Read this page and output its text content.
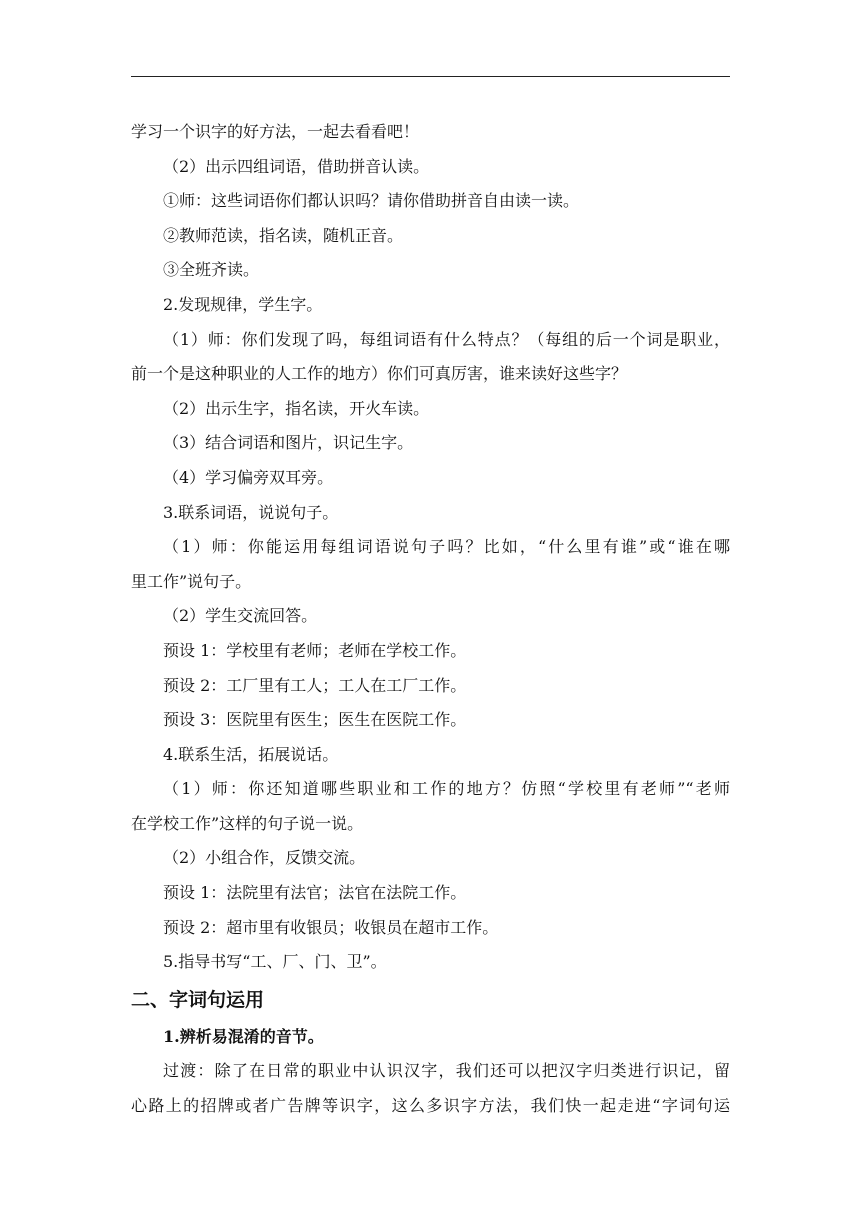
学习一个识字的好方法，一起去看看吧！
（2）出示四组词语，借助拼音认读。
①师：这些词语你们都认识吗？请你借助拼音自由读一读。
②教师范读，指名读，随机正音。
③全班齐读。
2.发现规律，学生字。
（1）师：你们发现了吗，每组词语有什么特点？（每组的后一个词是职业，
前一个是这种职业的人工作的地方）你们可真厉害，谁来读好这些字？
（2）出示生字，指名读，开火车读。
（3）结合词语和图片，识记生字。
（4）学习偏旁双耳旁。
3.联系词语，说说句子。
（1）师：你能运用每组词语说句子吗？比如，“什么里有谁”或“谁在哪
里工作”说句子。
（2）学生交流回答。
预设 1：学校里有老师；老师在学校工作。
预设 2：工厂里有工人；工人在工厂工作。
预设 3：医院里有医生；医生在医院工作。
4.联系生活，拓展说话。
（1）师：你还知道哪些职业和工作的地方？仿照“学校里有老师”“老师
在学校工作”这样的句子说一说。
（2）小组合作，反馈交流。
预设 1：法院里有法官；法官在法院工作。
预设 2：超市里有收银员；收银员在超市工作。
5.指导书写“工、厂、门、卫”。
二、字词句运用
1.辨析易混淆的音节。
过渡：除了在日常的职业中认识汉字，我们还可以把汉字归类进行识记，留
心路上的招牌或者广告牌等识字，这么多识字方法，我们快一起走进“字词句运
